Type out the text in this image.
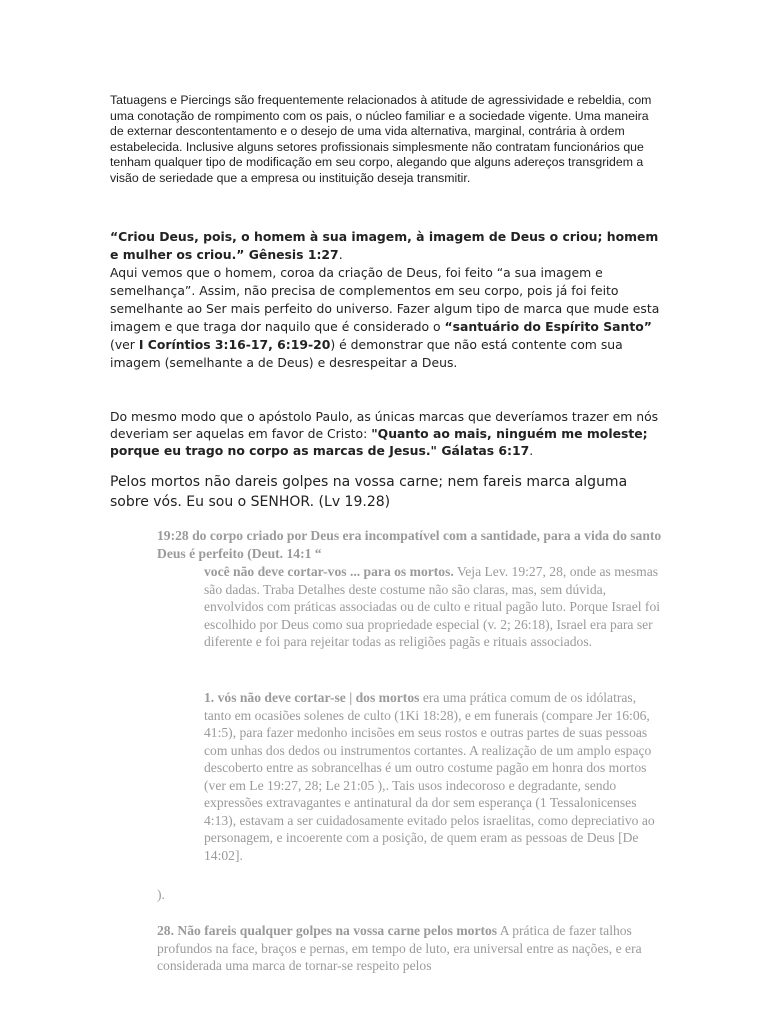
Tatuagens e Piercings são frequentemente relacionados à atitude de agressividade e rebeldia, com uma conotação de rompimento com os pais, o núcleo familiar e a sociedade vigente. Uma maneira de externar descontentamento e o desejo de uma vida alternativa, marginal, contrária à ordem estabelecida. Inclusive alguns setores profissionais simplesmente não contratam funcionários que tenham qualquer tipo de modificação em seu corpo, alegando que alguns adereços transgridem a visão de seriedade que a empresa ou instituição deseja transmitir.

“Criou Deus, pois, o homem à sua imagem, à imagem de Deus o criou; homem e mulher os criou.” Gênesis 1:27.
Aqui vemos que o homem, coroa da criação de Deus, foi feito “a sua imagem e semelhança”. Assim, não precisa de complementos em seu corpo, pois já foi feito semelhante ao Ser mais perfeito do universo. Fazer algum tipo de marca que mude esta imagem e que traga dor naquilo que é considerado o “santuário do Espírito Santo” (ver I Coríntios 3:16-17, 6:19-20) é demonstrar que não está contente com sua imagem (semelhante a de Deus) e desrespeitar a Deus.

Do mesmo modo que o apóstolo Paulo, as únicas marcas que deveríamos trazer em nós deveriam ser aquelas em favor de Cristo: "Quanto ao mais, ninguém me moleste; porque eu trago no corpo as marcas de Jesus." Gálatas 6:17.

Pelos mortos não dareis golpes na vossa carne; nem fareis marca alguma sobre vós. Eu sou o SENHOR. (Lv 19.28)

19:28 do corpo criado por Deus era incompatível com a santidade, para a vida do santo Deus é perfeito (Deut. 14:1 “

você não deve cortar-vos ... para os mortos. Veja Lev. 19:27, 28, onde as mesmas são dadas. Traba Detalhes deste costume não são claras, mas, sem dúvida, envolvidos com práticas associadas ou de culto e ritual pagão luto. Porque Israel foi escolhido por Deus como sua propriedade especial (v. 2; 26:18), Israel era para ser diferente e foi para rejeitar todas as religiões pagãs e rituais associados.

1. vós não deve cortar-se | dos mortos era uma prática comum de os idólatras, tanto em ocasiões solenes de culto (1Ki 18:28), e em funerais (compare Jer 16:06, 41:5), para fazer medonho incisões em seus rostos e outras partes de suas pessoas com unhas dos dedos ou instrumentos cortantes. A realização de um amplo espaço descoberto entre as sobrancelhas é um outro costume pagão em honra dos mortos (ver em Le 19:27, 28; Le 21:05 ),. Tais usos indecoroso e degradante, sendo expressões extravagantes e antinatural da dor sem esperança (1 Tessalonicenses 4:13), estavam a ser cuidadosamente evitado pelos israelitas, como depreciativo ao personagem, e incoerente com a posição, de quem eram as pessoas de Deus [De 14:02].

).

28. Não fareis qualquer golpes na vossa carne pelos mortos A prática de fazer talhos profundos na face, braços e pernas, em tempo de luto, era universal entre as nações, e era considerada uma marca de tornar-se respeito pelos
